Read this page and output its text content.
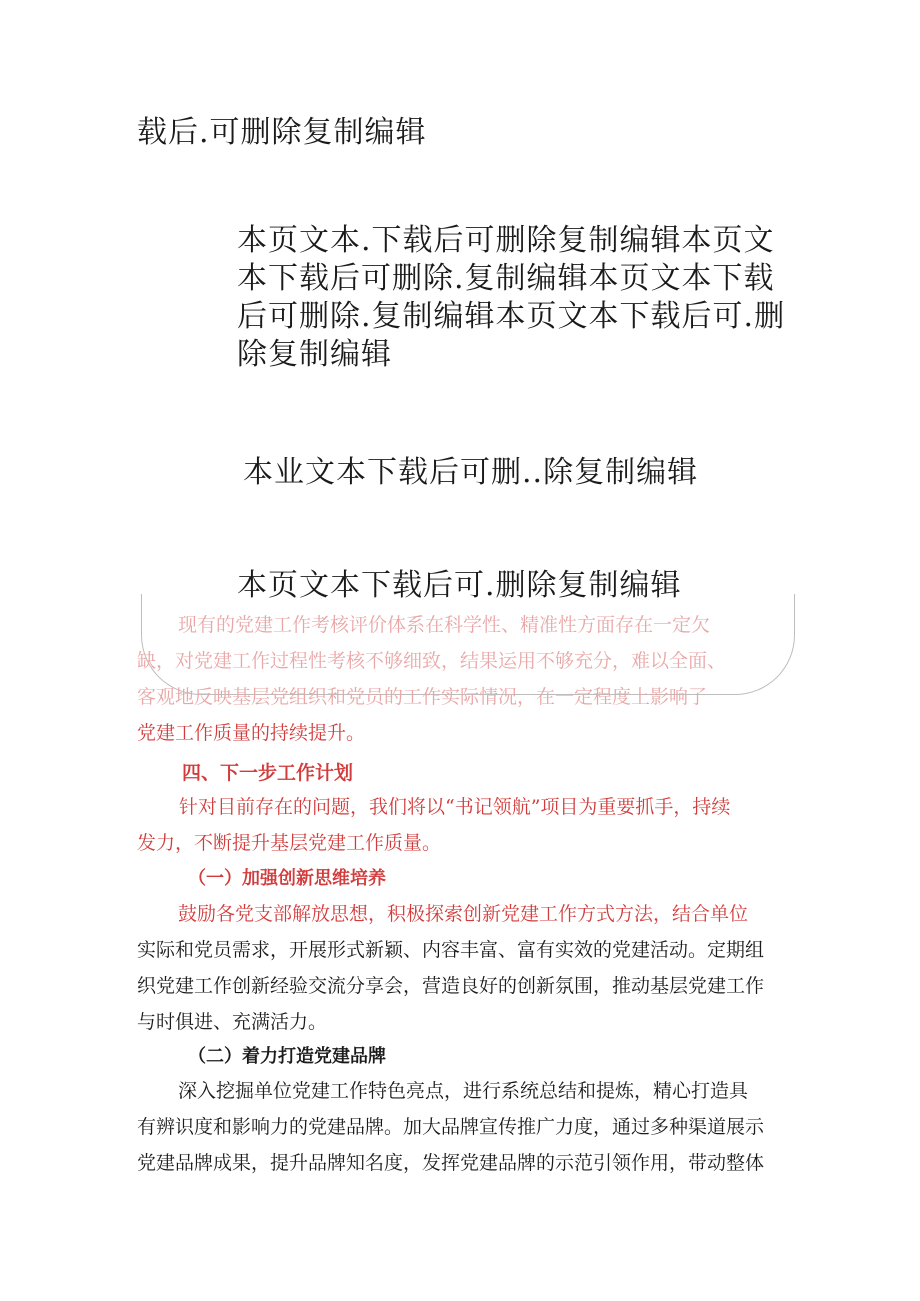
载后.可删除复制编辑
本页文本.下载后可删除复制编辑本页文本下载后可删除.复制编辑本页文本下载后可删除.复制编辑本页文本下载后可.删除复制编辑
本业文本下载后可删..除复制编辑
本页文本下载后可.删除复制编辑
现有的党建工作考核评价体系在科学性、精准性方面存在一定欠
缺，对党建工作过程性考核不够细致，结果运用不够充分，难以全面、
客观地反映基层党组织和党员的工作实际情况，在一定程度上影响了
党建工作质量的持续提升。
四、下一步工作计划
针对目前存在的问题，我们将以“书记领航”项目为重要抓手，持续
发力，不断提升基层党建工作质量。
（一）加强创新思维培养
鼓励各党支部解放思想，积极探索创新党建工作方式方法，结合单位
实际和党员需求，开展形式新颖、内容丰富、富有实效的党建活动。定期组
织党建工作创新经验交流分享会，营造良好的创新氛围，推动基层党建工作
与时俱进、充满活力。
（二）着力打造党建品牌
深入挖掘单位党建工作特色亮点，进行系统总结和提炼，精心打造具
有辨识度和影响力的党建品牌。加大品牌宣传推广力度，通过多种渠道展示
党建品牌成果，提升品牌知名度，发挥党建品牌的示范引领作用，带动整体
